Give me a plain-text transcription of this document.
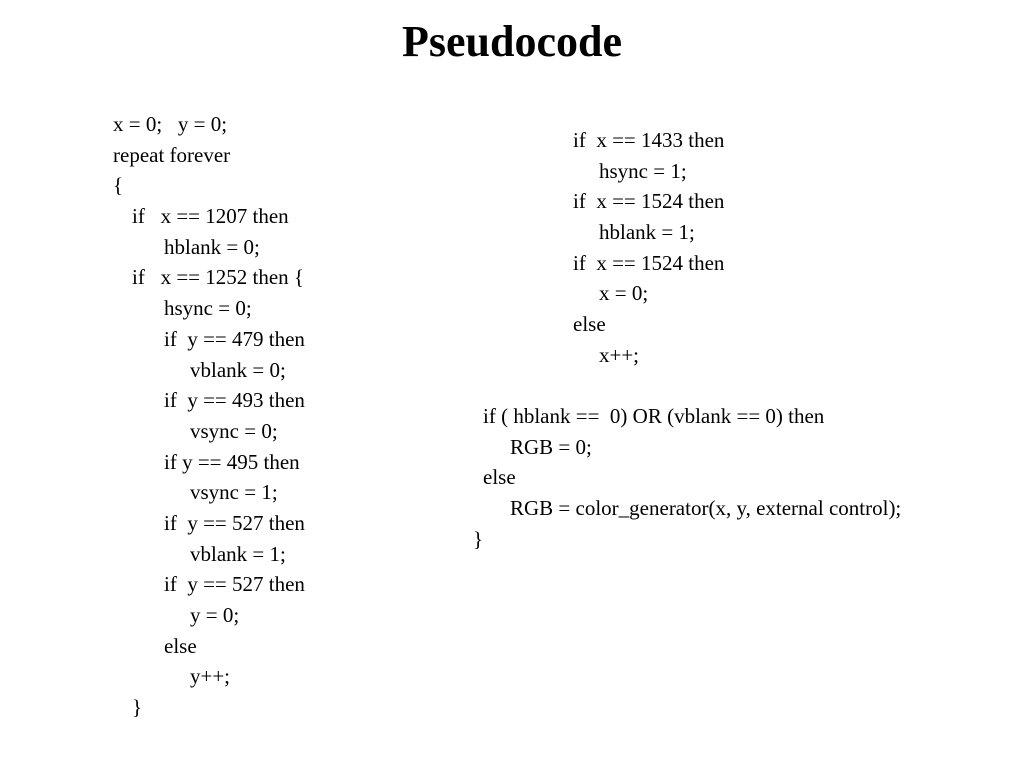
Pseudocode
x = 0;   y = 0;
repeat forever
{
if   x == 1207 then
hblank = 0;
if   x == 1252 then {
hsync = 0;
if  y == 479 then
vblank = 0;
if  y == 493 then
vsync = 0;
if y == 495 then
vsync = 1;
if  y == 527 then
vblank = 1;
if  y == 527 then
y = 0;
else
y++;
}
if  x == 1433 then
hsync = 1;
if  x == 1524 then
hblank = 1;
if  x == 1524 then
x = 0;
else
x++;
if ( hblank ==  0) OR (vblank == 0) then
RGB = 0;
else
RGB = color_generator(x, y, external control);
}
